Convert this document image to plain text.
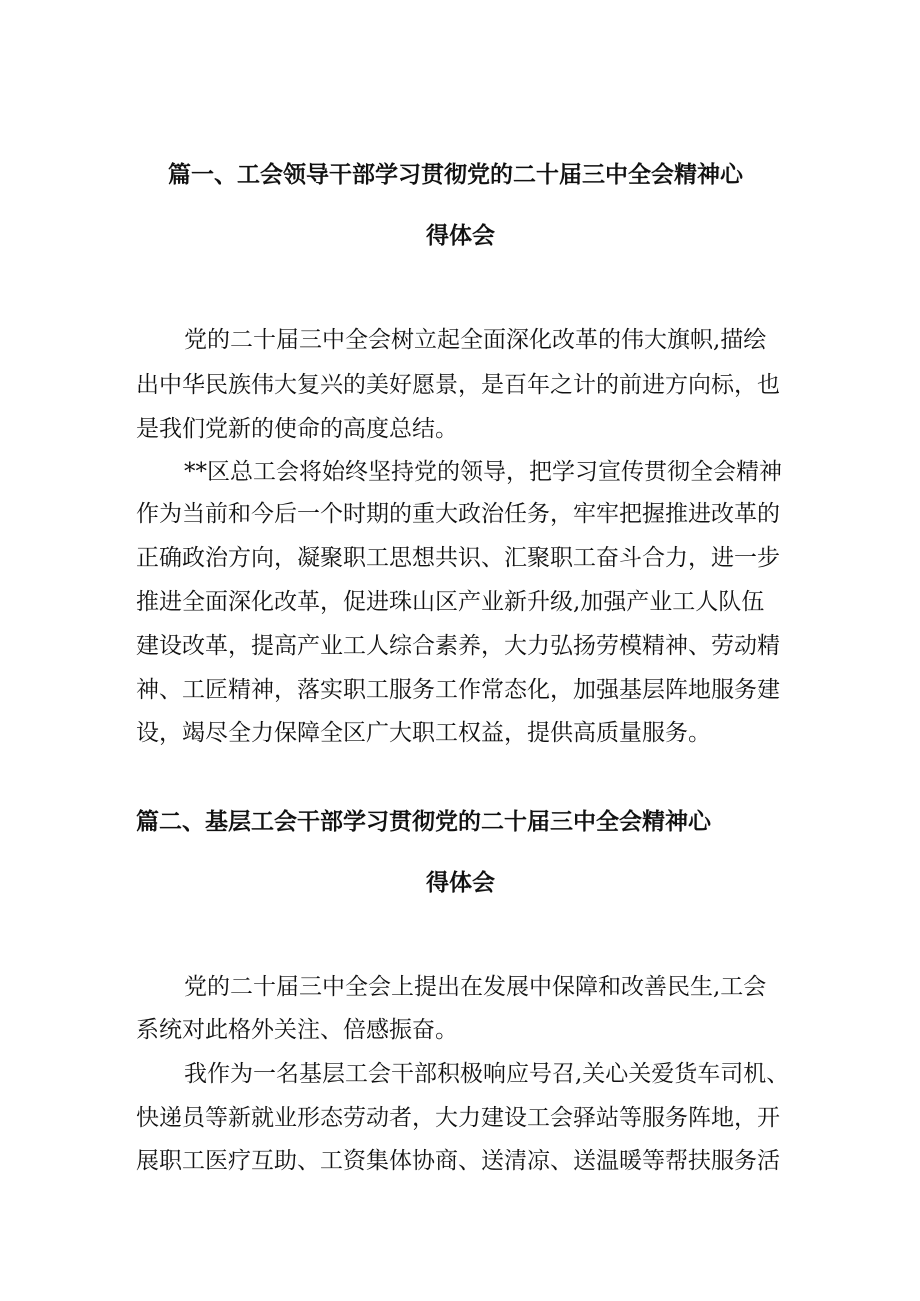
篇一、工会领导干部学习贯彻党的二十届三中全会精神心
得体会
党的二十届三中全会树立起全面深化改革的伟大旗帜,描绘
出中华民族伟大复兴的美好愿景，是百年之计的前进方向标，也
是我们党新的使命的高度总结。
**区总工会将始终坚持党的领导，把学习宣传贯彻全会精神
作为当前和今后一个时期的重大政治任务，牢牢把握推进改革的
正确政治方向，凝聚职工思想共识、汇聚职工奋斗合力，进一步
推进全面深化改革，促进珠山区产业新升级,加强产业工人队伍
建设改革，提高产业工人综合素养，大力弘扬劳模精神、劳动精
神、工匠精神，落实职工服务工作常态化，加强基层阵地服务建
设，竭尽全力保障全区广大职工权益，提供高质量服务。
篇二、基层工会干部学习贯彻党的二十届三中全会精神心
得体会
党的二十届三中全会上提出在发展中保障和改善民生,工会
系统对此格外关注、倍感振奋。
我作为一名基层工会干部积极响应号召,关心关爱货车司机、
快递员等新就业形态劳动者，大力建设工会驿站等服务阵地，开
展职工医疗互助、工资集体协商、送清凉、送温暖等帮扶服务活
